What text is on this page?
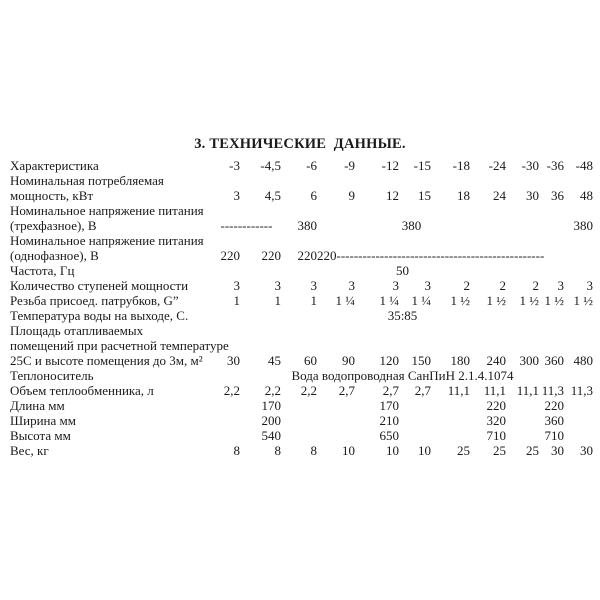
3. ТЕХНИЧЕСКИЕ  ДАННЫЕ.
Характеристика	-3	-4,5	-6	-9	-12	-15	-18	-24	-30	-36	-48
Номинальная потребляемая											
мощность, кВт	3	4,5	6	9	12	15	18	24	30	36	48
Номинальное напряжение питания											
(трехфазное), В	------------		380	380					380		
Номинальное напряжение питания											
(однофазное), В	220	220	220	220------------------------------------------------							
Частота, Гц	50										
Количество ступеней мощности	3	3	3	3	3	3	2	2	2	3	3
Резьба присоед. патрубков, G”	1	1	1	1 ¼	1 ¼	1 ¼	1 ½	1 ½	1 ½	1 ½	1 ½
Температура воды на выходе, С.	35:85										
Площадь отапливаемых											
помещений при расчетной температуре											
25С и высоте помещения до 3м, м²	30	45	60	90	120	150	180	240	300	360	480
Теплоноситель	Вода водопроводная СанПиН 2.1.4.1074										
Объем теплообменника, л	2,2	2,2	2,2	2,7	2,7	2,7	11,1	11,1	11,1	11,3	11,3
Длина мм		170			170			220		220	
Ширина мм		200			210			320		360	
Высота мм		540			650			710		710	
Вес, кг	8	8	8	10	10	10	25	25	25	30	30
